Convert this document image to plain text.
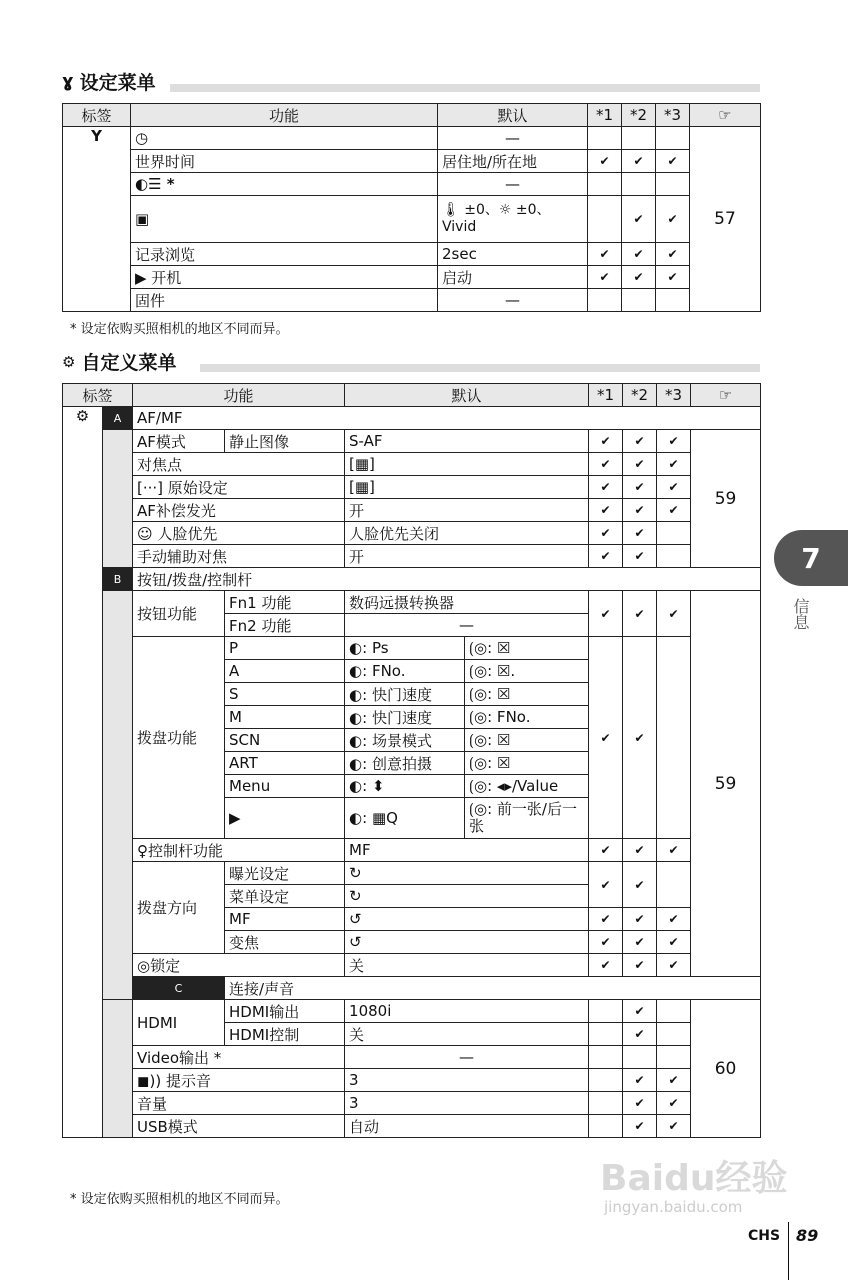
ɣ 设定菜单
标签	功能	默认	*1	*2	*3	☞
Y	◷	—				57
	世界时间	居住地/所在地	✔	✔	✔	
	◐☰ *	—				
	▣	🌡 ±0、☼ ±0、Vivid		✔	✔	
	记录浏览	2sec	✔	✔	✔	
	▶ 开机	启动	✔	✔	✔	
	固件	—				
* 设定依购买照相机的地区不同而异。
⚙ 自定义菜单
标签		功能		默认		*1	*2	*3	☞	
⚙	A	AF/MF								
		AF模式	静止图像	S-AF		✔	✔	✔	59	
		对焦点		[▦]		✔	✔	✔		
		[···] 原始设定		[▦]		✔	✔	✔		
		AF补偿发光		开		✔	✔	✔		
		☺ 人脸优先		人脸优先关闭		✔	✔			
		手动辅助对焦		开		✔	✔			
	B	按钮/拨盘/控制杆								
		按钮功能	Fn1 功能	数码远摄转换器		✔	✔	✔	59	
			Fn2 功能	—						
		拨盘功能	P	◐: Ps	⟮◎: ☒	✔	✔			
			A	◐: FNo.	⟮◎: ☒.					
			S	◐: 快门速度	⟮◎: ☒					
			M	◐: 快门速度	⟮◎: FNo.					
			SCN	◐: 场景模式	⟮◎: ☒					
			ART	◐: 创意拍摄	⟮◎: ☒					
			Menu	◐: ⬍	⟮◎: ◂▸/Value					
			▶	◐: ▦Q	⟮◎: 前一张/后一张					
		♀控制杆功能		MF		✔	✔	✔		
		拨盘方向	曝光设定	↻		✔	✔			
			菜单设定	↻						
			MF	↺		✔	✔	✔		
			变焦	↺		✔	✔	✔		
		◎锁定		关		✔	✔	✔		
		C	连接/声音							
		HDMI	HDMI输出	1080i			✔		60	
			HDMI控制	关			✔			
		Video输出 *		—						
		◼)) 提示音		3			✔	✔		
		音量		3			✔	✔		
		USB模式		自动			✔	✔		
* 设定依购买照相机的地区不同而异。
7
信息
Baidu经验
jingyan.baidu.com
CHS 89
